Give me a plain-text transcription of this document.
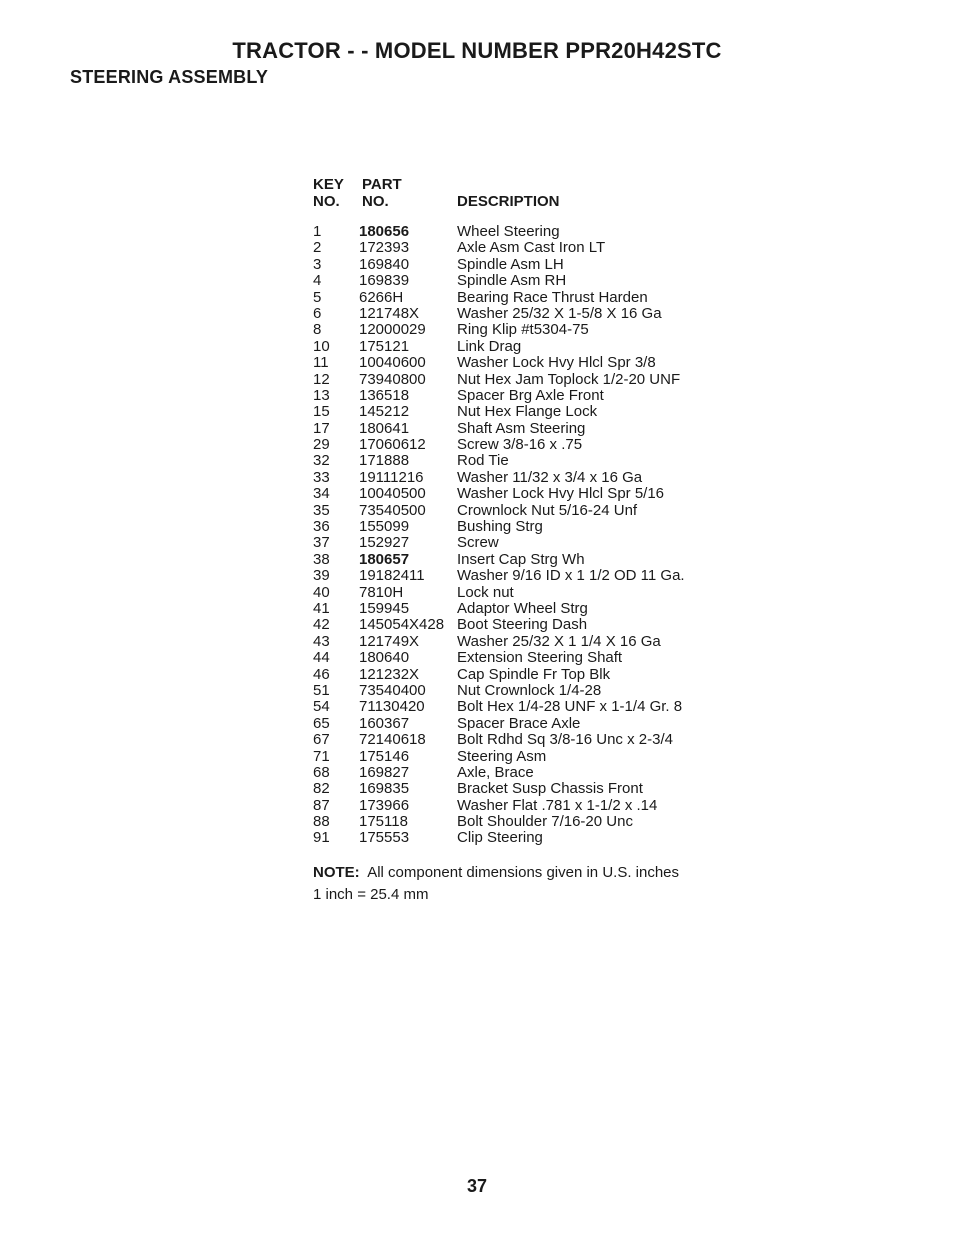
TRACTOR - - MODEL NUMBER PPR20H42STC
STEERING ASSEMBLY
KEY
NO.
PART
NO.	DESCRIPTION
1	180656	Wheel Steering
2	172393	Axle Asm Cast Iron LT
3	169840	Spindle Asm LH
4	169839	Spindle Asm RH
5	6266H	Bearing Race Thrust Harden
6	121748X	Washer 25/32 X 1-5/8 X 16 Ga
8	12000029 Ring Klip #t5304-75
10 175121	Link Drag
11 10040600 Washer Lock Hvy Hlcl Spr 3/8
12 73940800 Nut Hex Jam Toplock 1/2-20 UNF
13 136518	Spacer Brg Axle Front
15 145212	Nut Hex Flange Lock
17 180641	Shaft Asm Steering
29 17060612 Screw 3/8-16 x .75
32 171888	Rod Tie
33 19111216 Washer 11/32 x 3/4 x 16 Ga
34 10040500 Washer Lock Hvy Hlcl Spr 5/16
35 73540500 Crownlock Nut 5/16-24 Unf
36 155099	Bushing Strg
37 152927	Screw
38 180657	Insert Cap Strg Wh
39 19182411 Washer 9/16 ID x 1 1/2 OD 11 Ga.
40 7810H	Lock nut
41 159945	Adaptor Wheel Strg
42 145054X428 Boot Steering Dash
43 121749X	Washer 25/32 X 1 1/4 X 16 Ga
44 180640	Extension Steering Shaft
46 121232X	Cap Spindle Fr Top Blk
51 73540400 Nut Crownlock 1/4-28
54 71130420 Bolt Hex 1/4-28 UNF x 1-1/4 Gr. 8
65 160367	Spacer Brace Axle
67 72140618 Bolt Rdhd Sq 3/8-16 Unc x 2-3/4
71 175146	Steering Asm
68 169827	Axle, Brace
82 169835	Bracket Susp Chassis Front
87 173966	Washer Flat .781 x 1-1/2 x .14
88 175118	Bolt Shoulder 7/16-20 Unc
91 175553	Clip Steering
NOTE: All component dimensions given in U.S. inches
1 inch = 25.4 mm
37
